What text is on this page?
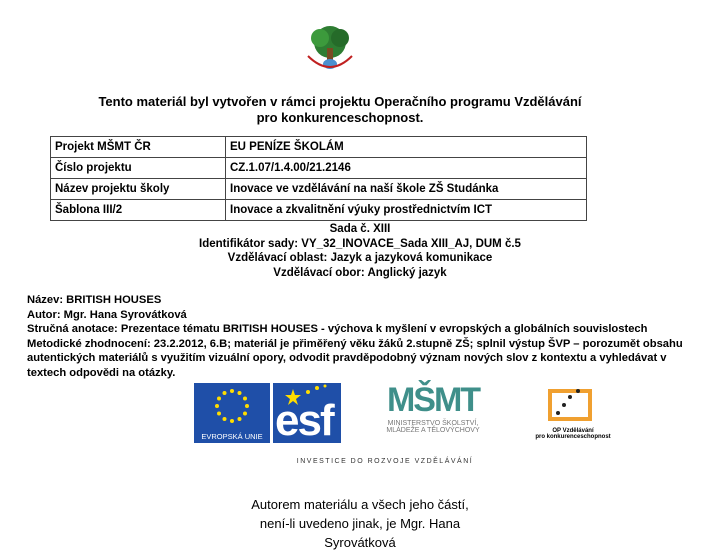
Tento materiál byl vytvořen v rámci projektu Operačního programu Vzdělávání
pro konkurenceschopnost.
Projekt MŠMT ČR	EU PENÍZE ŠKOLÁM
Číslo projektu	CZ.1.07/1.4.00/21.2146
Název projektu školy	Inovace ve vzdělávání na naší škole ZŠ Studánka
Šablona III/2	Inovace a zkvalitnění výuky prostřednictvím ICT
Sada č. XIII
Identifikátor sady: VY_32_INOVACE_Sada XIII_AJ, DUM č.5
Vzdělávací oblast: Jazyk a jazyková komunikace
Vzdělávací obor: Anglický jazyk
Název: BRITISH HOUSES
Autor: Mgr. Hana Syrovátková
Stručná anotace: Prezentace tématu BRITISH HOUSES - výchova k myšlení v evropských a globálních souvislostech
Metodické zhodnocení: 23.2.2012, 6.B; materiál je přiměřený věku žáků 2.stupně ZŠ; splnil výstup ŠVP – porozumět obsahu autentických materiálů s využitím vizuální opory, odvodit pravděpodobný význam nových slov z kontextu a vyhledávat v textech odpovědi na otázky.
EVROPSKÁ UNIE esf	MŠMT
MINISTERSTVO ŠKOLSTVÍ,
MLÁDEŽE A TĚLOVÝCHOVY	OP Vzdělávání
pro konkurenceschopnost
INVESTICE DO ROZVOJE VZDĚLÁVÁNÍ
Autorem materiálu a všech jeho částí, není-li uvedeno jinak, je Mgr. Hana Syrovátková
